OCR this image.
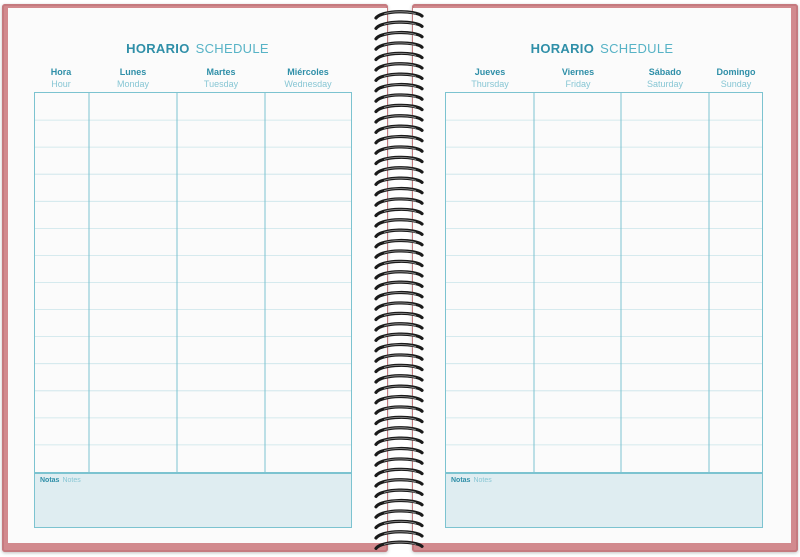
HORARIO SCHEDULE
Hora
Hour
Lunes
Monday
Martes
Tuesday
Miércoles
Wednesday
Notas Notes
HORARIO SCHEDULE
Jueves
Thursday
Viernes
Friday
Sábado
Saturday
Domingo
Sunday
Notas Notes
